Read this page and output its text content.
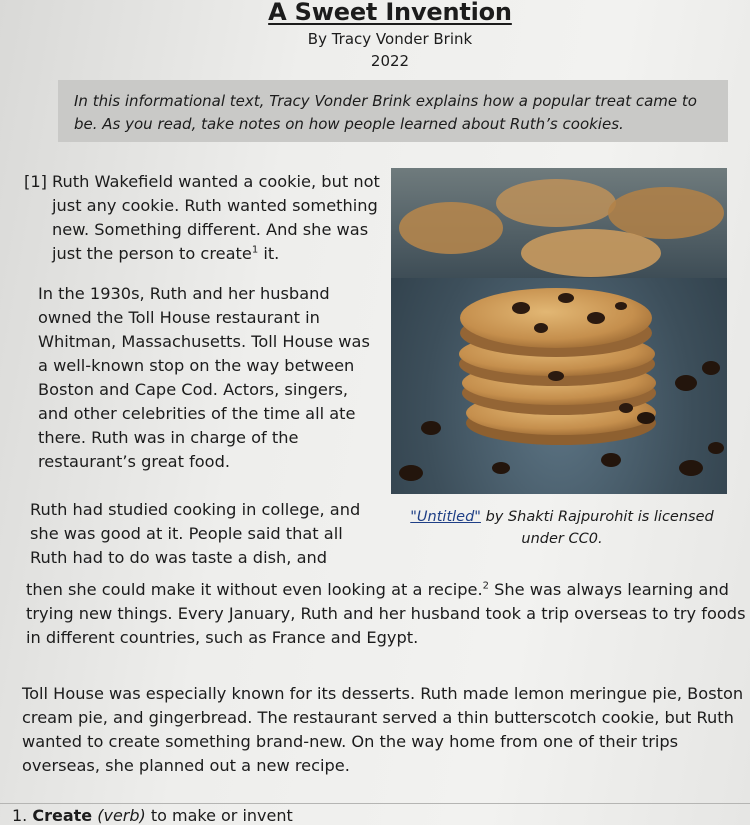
A Sweet Invention
By Tracy Vonder Brink
2022
In this informational text, Tracy Vonder Brink explains how a popular treat came to be. As you read, take notes on how people learned about Ruth’s cookies.
[1] Ruth Wakefield wanted a cookie, but not just any cookie. Ruth wanted something new. Something different. And she was just the person to create$^1$ it.
In the 1930s, Ruth and her husband owned the Toll House restaurant in Whitman, Massachusetts. Toll House was a well-known stop on the way between Boston and Cape Cod. Actors, singers, and other celebrities of the time all ate there. Ruth was in charge of the restaurant’s great food.
Ruth had studied cooking in college, and she was good at it. People said that all Ruth had to do was taste a dish, and
then she could make it without even looking at a recipe.$^2$ She was always learning and trying new things. Every January, Ruth and her husband took a trip overseas to try foods in different countries, such as France and Egypt.
Toll House was especially known for its desserts. Ruth made lemon meringue pie, Boston cream pie, and gingerbread. The restaurant served a thin butterscotch cookie, but Ruth wanted to create something brand-new. On the way home from one of their trips overseas, she planned out a new recipe.
"Untitled" by Shakti Rajpurohit is licensed under CC0.
1. Create (verb) to make or invent
